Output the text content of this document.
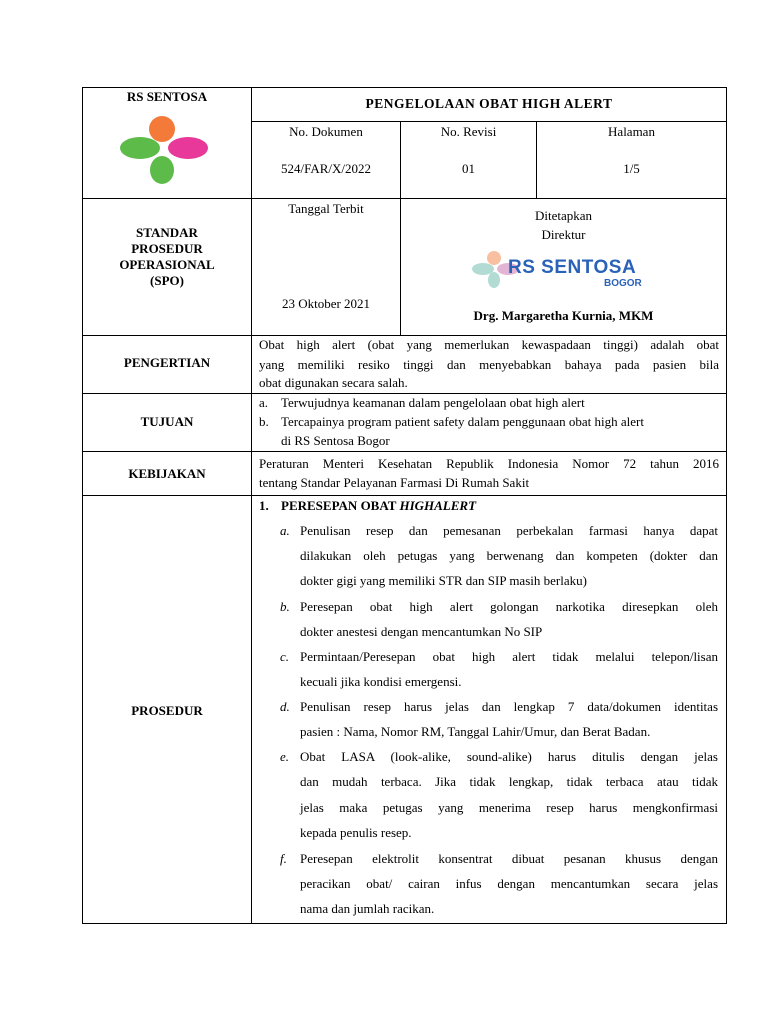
RS SENTOSA	PENGELOLAAN OBAT HIGH ALERT
No. Dokumen
524/FAR/X/2022
No. Revisi
01
Halaman
1/5
STANDAR
PROSEDUR
OPERASIONAL
(SPO)
Tanggal Terbit
23 Oktober 2021
Ditetapkan
Direktur
RS SENTOSA
BOGOR
Drg. Margaretha Kurnia, MKM
PENGERTIAN
Obat high alert (obat yang memerlukan kewaspadaan tinggi) adalah obat
yang memiliki resiko tinggi dan menyebabkan bahaya pada pasien bila
obat digunakan secara salah.
TUJUAN
a. Terwujudnya keamanan dalam pengelolaan obat high alert
b. Tercapainya program patient safety dalam penggunaan obat high alert
di RS Sentosa Bogor
KEBIJAKAN
Peraturan Menteri Kesehatan Republik Indonesia Nomor 72 tahun 2016
tentang Standar Pelayanan Farmasi Di Rumah Sakit
PROSEDUR
1. PERESEPAN OBAT HIGHALERT
a. Penulisan resep dan pemesanan perbekalan farmasi hanya dapat
dilakukan oleh petugas yang berwenang dan kompeten (dokter dan
dokter gigi yang memiliki STR dan SIP masih berlaku)
b. Peresepan obat high alert golongan narkotika diresepkan oleh
dokter anestesi dengan mencantumkan No SIP
c. Permintaan/Peresepan obat high alert tidak melalui telepon/lisan
kecuali jika kondisi emergensi.
d. Penulisan resep harus jelas dan lengkap 7 data/dokumen identitas
pasien : Nama, Nomor RM, Tanggal Lahir/Umur, dan Berat Badan.
e. Obat LASA (look-alike, sound-alike) harus ditulis dengan jelas
dan mudah terbaca. Jika tidak lengkap, tidak terbaca atau tidak
jelas maka petugas yang menerima resep harus mengkonfirmasi
kepada penulis resep.
f. Peresepan elektrolit konsentrat dibuat pesanan khusus dengan
peracikan obat/ cairan infus dengan mencantumkan secara jelas
nama dan jumlah racikan.
